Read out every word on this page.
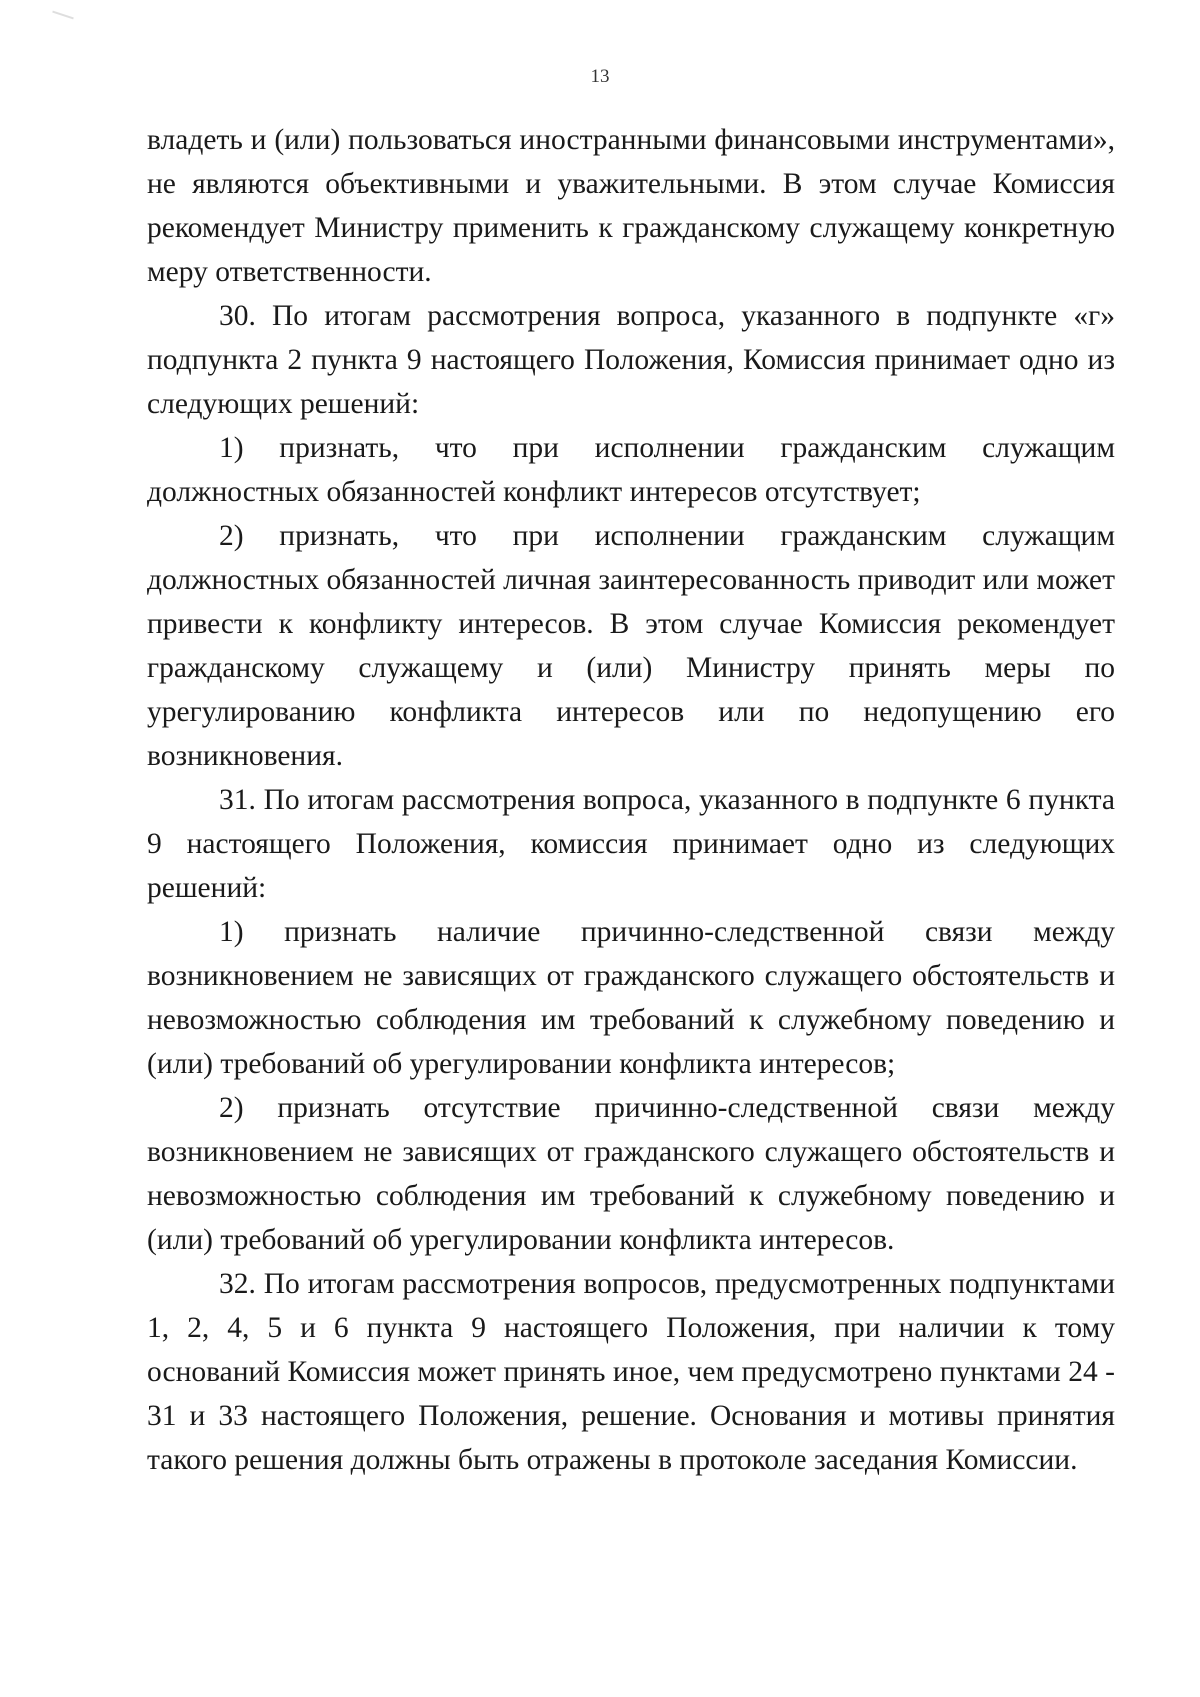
13

владеть и (или) пользоваться иностранными финансовыми инструментами», не являются объективными и уважительными. В этом случае Комиссия рекомендует Министру применить к гражданскому служащему конкретную меру ответственности.

30. По итогам рассмотрения вопроса, указанного в подпункте «г» подпункта 2 пункта 9 настоящего Положения, Комиссия принимает одно из следующих решений:

1) признать, что при исполнении гражданским служащим должностных обязанностей конфликт интересов отсутствует;

2) признать, что при исполнении гражданским служащим должностных обязанностей личная заинтересованность приводит или может привести к конфликту интересов. В этом случае Комиссия рекомендует гражданскому служащему и (или) Министру принять меры по урегулированию конфликта интересов или по недопущению его возникновения.

31. По итогам рассмотрения вопроса, указанного в подпункте 6 пункта 9 настоящего Положения, комиссия принимает одно из следующих решений:

1) признать наличие причинно-следственной связи между возникновением не зависящих от гражданского служащего обстоятельств и невозможностью соблюдения им требований к служебному поведению и (или) требований об урегулировании конфликта интересов;

2) признать отсутствие причинно-следственной связи между возникновением не зависящих от гражданского служащего обстоятельств и невозможностью соблюдения им требований к служебному поведению и (или) требований об урегулировании конфликта интересов.

32. По итогам рассмотрения вопросов, предусмотренных подпунктами 1, 2, 4, 5 и 6 пункта 9 настоящего Положения, при наличии к тому оснований Комиссия может принять иное, чем предусмотрено пунктами 24 - 31 и 33 настоящего Положения, решение. Основания и мотивы принятия такого решения должны быть отражены в протоколе заседания Комиссии.
